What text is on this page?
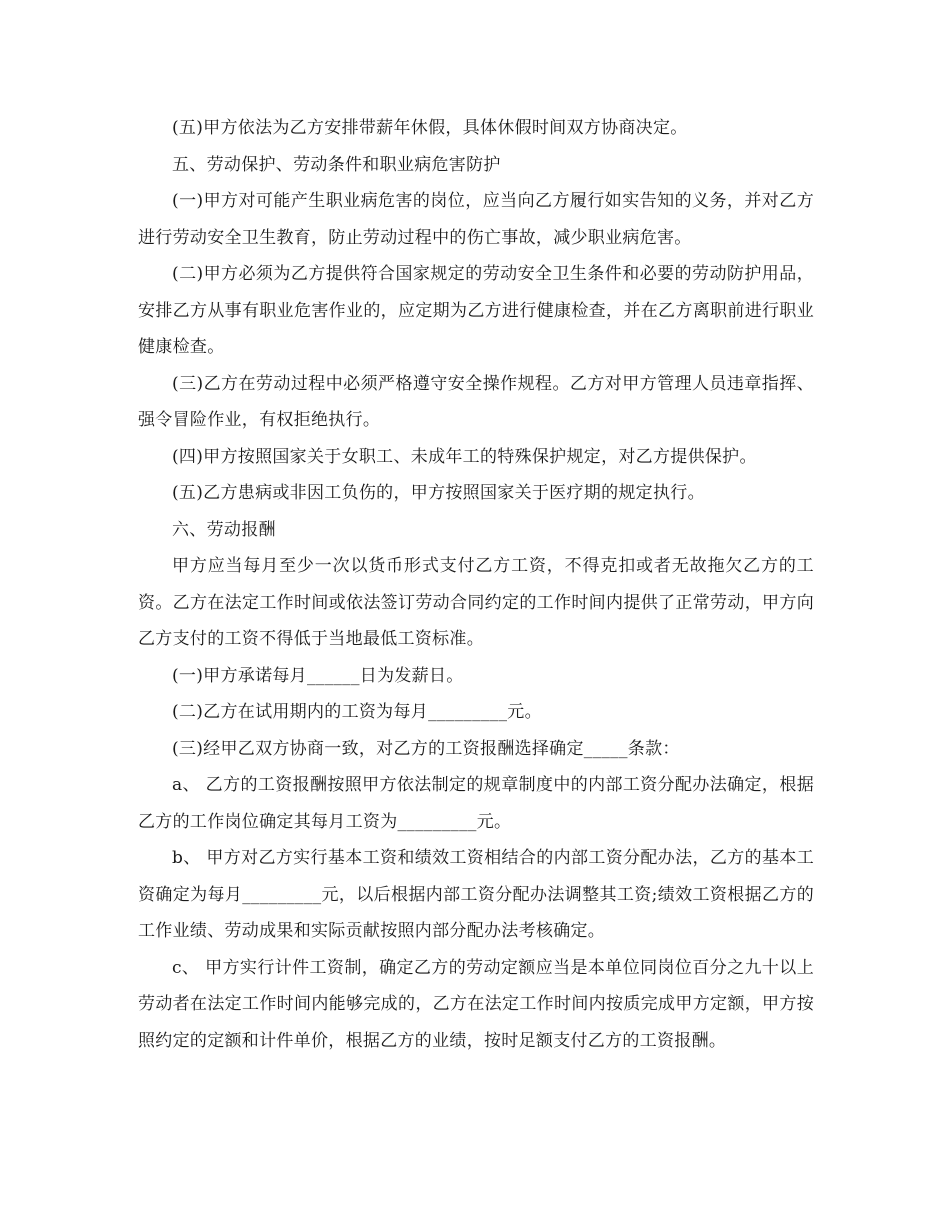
(五)甲方依法为乙方安排带薪年休假，具体休假时间双方协商决定。

五、劳动保护、劳动条件和职业病危害防护

(一)甲方对可能产生职业病危害的岗位，应当向乙方履行如实告知的义务，并对乙方进行劳动安全卫生教育，防止劳动过程中的伤亡事故，减少职业病危害。

(二)甲方必须为乙方提供符合国家规定的劳动安全卫生条件和必要的劳动防护用品，安排乙方从事有职业危害作业的，应定期为乙方进行健康检查，并在乙方离职前进行职业健康检查。

(三)乙方在劳动过程中必须严格遵守安全操作规程。乙方对甲方管理人员违章指挥、强令冒险作业，有权拒绝执行。

(四)甲方按照国家关于女职工、未成年工的特殊保护规定，对乙方提供保护。

(五)乙方患病或非因工负伤的，甲方按照国家关于医疗期的规定执行。

六、劳动报酬

甲方应当每月至少一次以货币形式支付乙方工资，不得克扣或者无故拖欠乙方的工资。乙方在法定工作时间或依法签订劳动合同约定的工作时间内提供了正常劳动，甲方向乙方支付的工资不得低于当地最低工资标准。

(一)甲方承诺每月______日为发薪日。

(二)乙方在试用期内的工资为每月_________元。

(三)经甲乙双方协商一致，对乙方的工资报酬选择确定_____条款：

a、 乙方的工资报酬按照甲方依法制定的规章制度中的内部工资分配办法确定，根据乙方的工作岗位确定其每月工资为_________元。

b、 甲方对乙方实行基本工资和绩效工资相结合的内部工资分配办法，乙方的基本工资确定为每月_________元，以后根据内部工资分配办法调整其工资;绩效工资根据乙方的工作业绩、劳动成果和实际贡献按照内部分配办法考核确定。

c、 甲方实行计件工资制，确定乙方的劳动定额应当是本单位同岗位百分之九十以上劳动者在法定工作时间内能够完成的，乙方在法定工作时间内按质完成甲方定额，甲方按照约定的定额和计件单价，根据乙方的业绩，按时足额支付乙方的工资报酬。
